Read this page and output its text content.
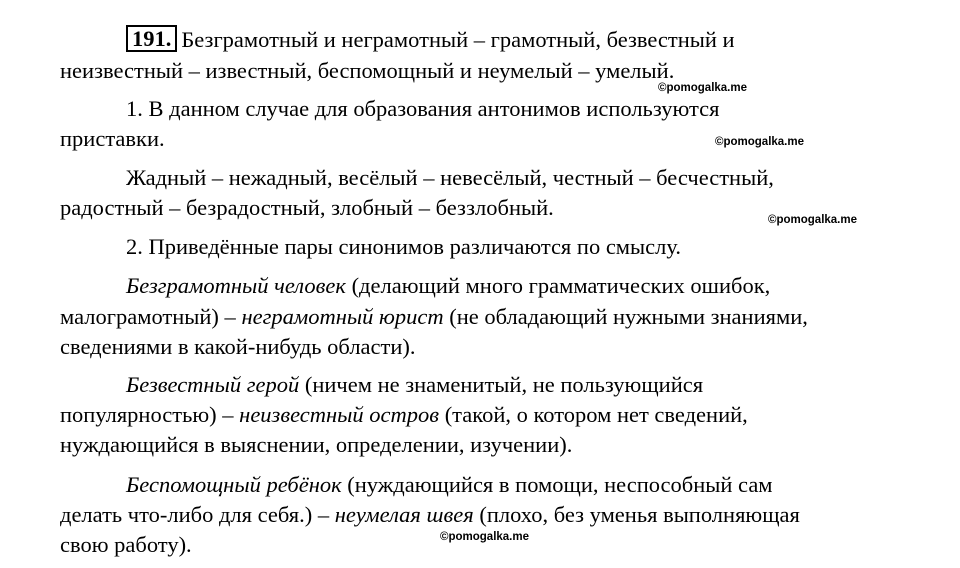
191. Безграмотный и неграмотный – грамотный, безвестный и
неизвестный – известный, беспомощный и неумелый – умелый.
1. В данном случае для образования антонимов используются
приставки.
Жадный – нежадный, весёлый – невесёлый, честный – бесчестный,
радостный – безрадостный, злобный – беззлобный.
2. Приведённые пары синонимов различаются по смыслу.
Безграмотный человек (делающий много грамматических ошибок,
малограмотный) – неграмотный юрист (не обладающий нужными знаниями,
сведениями в какой-нибудь области).
Безвестный герой (ничем не знаменитый, не пользующийся
популярностью) – неизвестный остров (такой, о котором нет сведений,
нуждающийся в выяснении, определении, изучении).
Беспомощный ребёнок (нуждающийся в помощи, неспособный сам
делать что-либо для себя.) – неумелая швея (плохо, без уменья выполняющая
свою работу).
©pomogalka.me
©pomogalka.me
©pomogalka.me
©pomogalka.me
